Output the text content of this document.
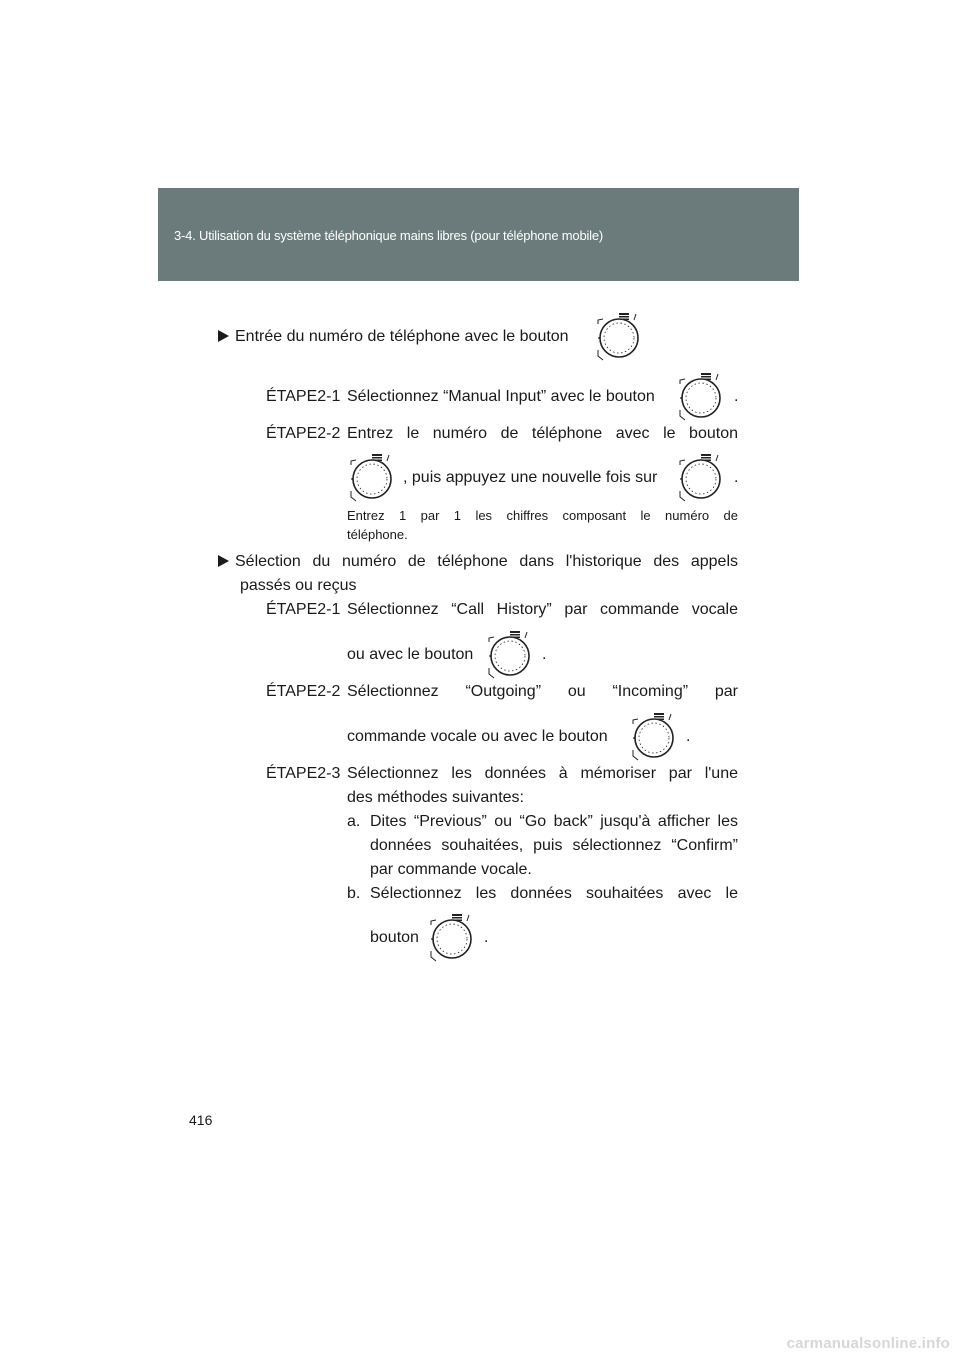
3-4. Utilisation du système téléphonique mains libres (pour téléphone mobile)
Entrée du numéro de téléphone avec le bouton
ÉTAPE2-1 Sélectionnez “Manual Input” avec le bouton	.
ÉTAPE2-2 Entrez le numéro de téléphone avec le bouton
, puis appuyez une nouvelle fois sur	.
Entrez 1 par 1 les chiffres composant le numéro de
téléphone.
Sélection du numéro de téléphone dans l'historique des appels
passés ou reçus
ÉTAPE2-1 Sélectionnez “Call History” par commande vocale
ou avec le bouton	.
ÉTAPE2-2 Sélectionnez “Outgoing” ou “Incoming” par
commande vocale ou avec le bouton	.
ÉTAPE2-3 Sélectionnez les données à mémoriser par l'une
des méthodes suivantes:
a. Dites “Previous” ou “Go back” jusqu'à afficher les
données souhaitées, puis sélectionnez “Confirm”
par commande vocale.
b. Sélectionnez les données souhaitées avec le
bouton	.
416
carmanualsonline.info
